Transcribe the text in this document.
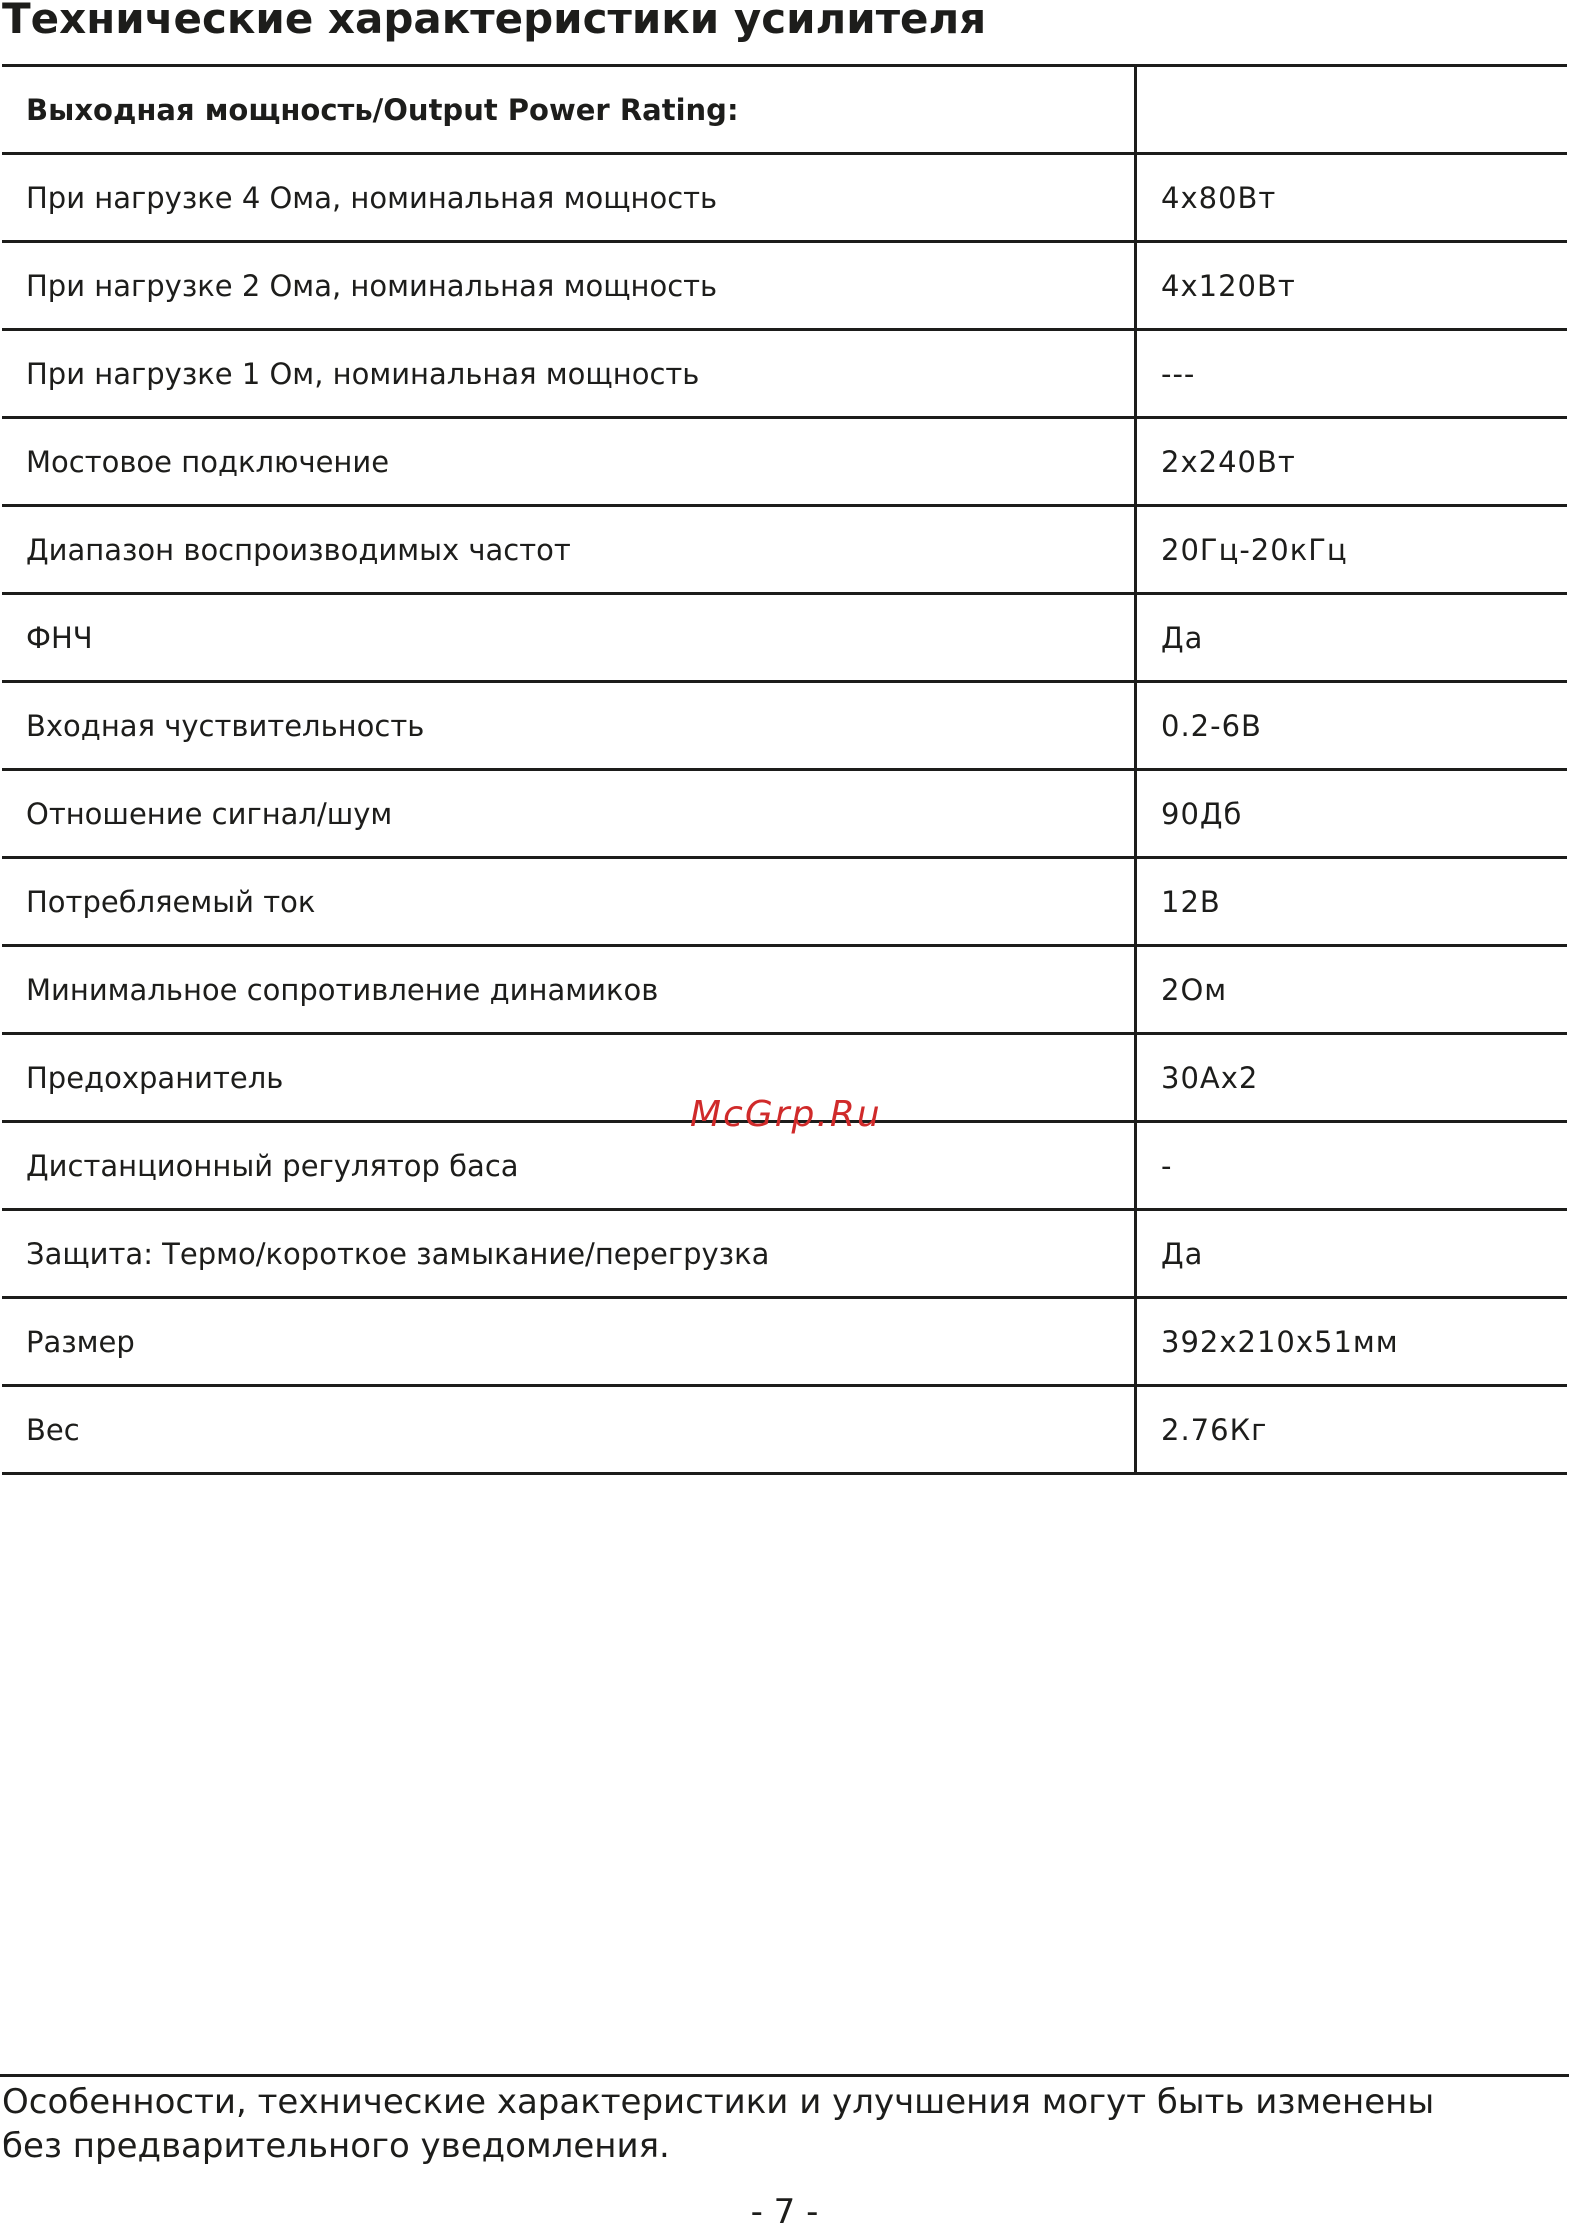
Технические характеристики усилителя
Выходная мощность/Output Power Rating:	
При нагрузке 4 Ома, номинальная мощность	4x80Вт
При нагрузке 2 Ома, номинальная мощность	4x120Вт
При нагрузке 1 Ом, номинальная мощность	---
Мостовое подключение	2x240Вт
Диапазон воспроизводимых частот	20Гц-20кГц
ФНЧ	Да
Входная чуствительность	0.2-6В
Отношение сигнал/шум	90Дб
Потребляемый ток	12В
Минимальное сопротивление динамиков	2Ом
Предохранитель	30Аx2
Дистанционный регулятор баса	-
Защита: Термо/короткое замыкание/перегрузка	Да
Размер	392x210x51мм
Вес	2.76Кг
McGrp.Ru
Особенности, технические характеристики и улучшения могут быть изменены
без предварительного уведомления.
- 7 -
